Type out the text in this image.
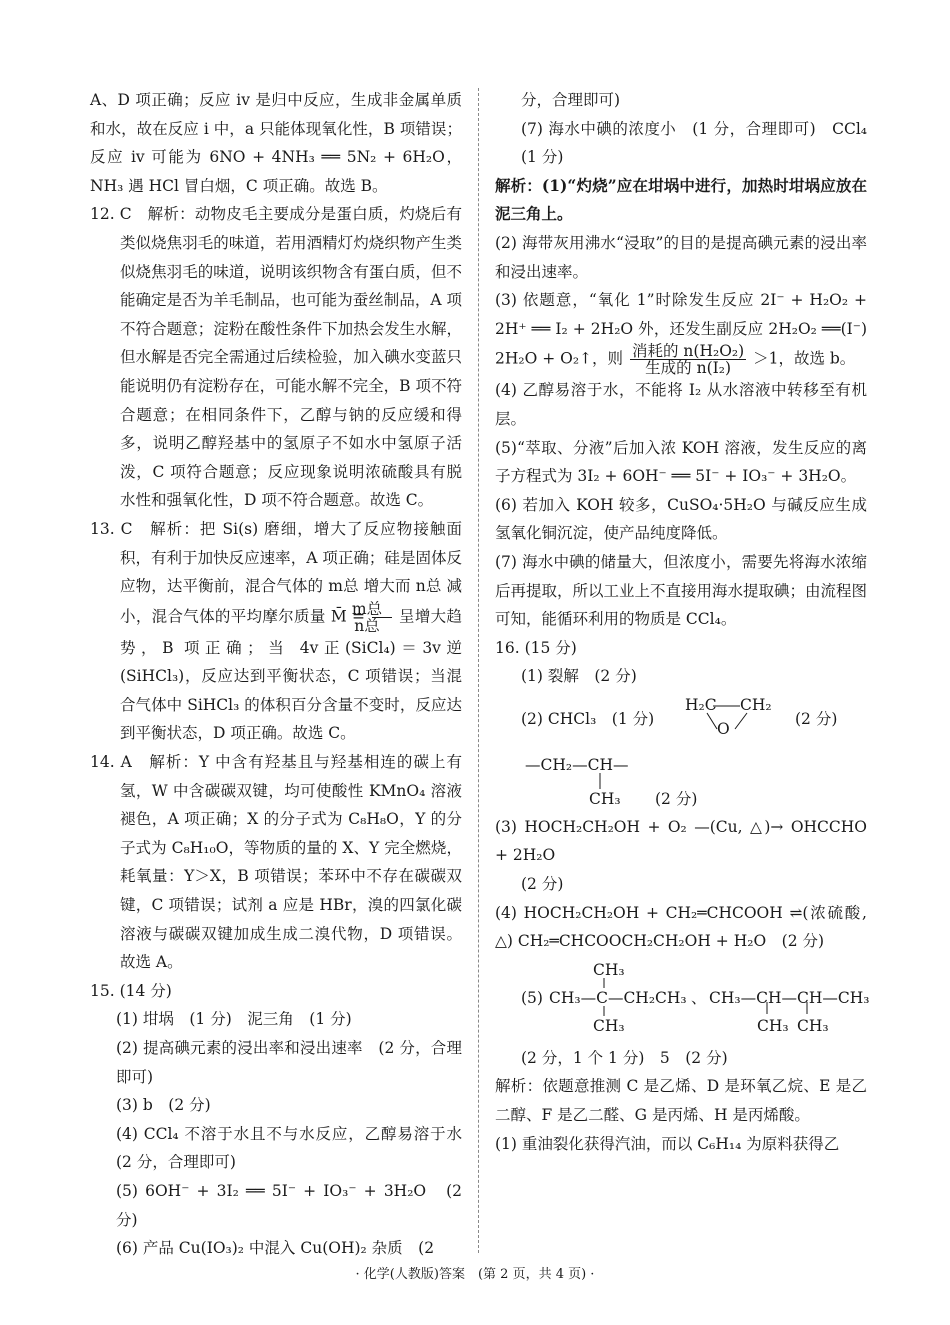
A、D 项正确；反应 iv 是归中反应，生成非金属单质和水，故在反应 i 中，a 只能体现氧化性，B 项错误；反应 iv 可能为 6NO + 4NH₃ ══ 5N₂ + 6H₂O，NH₃ 遇 HCl 冒白烟，C 项正确。故选 B。

12. C　解析：动物皮毛主要成分是蛋白质，灼烧后有类似烧焦羽毛的味道，若用酒精灯灼烧织物产生类似烧焦羽毛的味道，说明该织物含有蛋白质，但不能确定是否为羊毛制品，也可能为蚕丝制品，A 项不符合题意；淀粉在酸性条件下加热会发生水解，但水解是否完全需通过后续检验，加入碘水变蓝只能说明仍有淀粉存在，可能水解不完全，B 项不符合题意；在相同条件下，乙醇与钠的反应缓和得多，说明乙醇羟基中的氢原子不如水中氢原子活泼，C 项符合题意；反应现象说明浓硫酸具有脱水性和强氧化性，D 项不符合题意。故选 C。

13. C　解析：把 Si(s) 磨细，增大了反应物接触面积，有利于加快反应速率，A 项正确；硅是固体反应物，达平衡前，混合气体的 m总 增大而 n总 减小，混合气体的平均摩尔质量 M̄ = $\frac{\text{m总}}{\text{n总}}$ 呈增大趋势，B 项正确；当 4v正(SiCl₄)＝3v逆(SiHCl₃)，反应达到平衡状态，C 项错误；当混合气体中 SiHCl₃ 的体积百分含量不变时，反应达到平衡状态，D 项正确。故选 C。

14. A　解析：Y 中含有羟基且与羟基相连的碳上有氢，W 中含碳碳双键，均可使酸性 KMnO₄ 溶液褪色，A 项正确；X 的分子式为 C₈H₈O，Y 的分子式为 C₈H₁₀O，等物质的量的 X、Y 完全燃烧，耗氧量：Y＞X，B 项错误；苯环中不存在碳碳双键，C 项错误；试剂 a 应是 HBr，溴的四氯化碳溶液与碳碳双键加成生成二溴代物，D 项错误。故选 A。

15. (14 分)

(1) 坩埚　(1 分)　泥三角　(1 分)

(2) 提高碘元素的浸出率和浸出速率　(2 分，合理即可)

(3) b　(2 分)

(4) CCl₄ 不溶于水且不与水反应，乙醇易溶于水　(2 分，合理即可)

(5) 6OH⁻ + 3I₂ ══ 5I⁻ + IO₃⁻ + 3H₂O　(2 分)

(6) 产品 Cu(IO₃)₂ 中混入 Cu(OH)₂ 杂质　(2

分，合理即可)

(7) 海水中碘的浓度小　(1 分，合理即可)　CCl₄　(1 分)

解析：(1)“灼烧”应在坩埚中进行，加热时坩埚应放在泥三角上。

(2) 海带灰用沸水“浸取”的目的是提高碘元素的浸出率和浸出速率。

(3) 依题意，“氧化 1”时除发生反应 2I⁻ + H₂O₂ + 2H⁺ ══ I₂ + 2H₂O 外，还发生副反应 2H₂O₂ ══(I⁻) 2H₂O + O₂↑，则 $\frac{\text{消耗的 n(H₂O₂)}}{\text{生成的 n(I₂)}} >1$，故选 b。

(4) 乙醇易溶于水，不能将 I₂ 从水溶液中转移至有机层。

(5)“萃取、分液”后加入浓 KOH 溶液，发生反应的离子方程式为 3I₂ + 6OH⁻ ══ 5I⁻ + IO₃⁻ + 3H₂O。

(6) 若加入 KOH 较多，CuSO₄·5H₂O 与碱反应生成氢氧化铜沉淀，使产品纯度降低。

(7) 海水中碘的储量大，但浓度小，需要先将海水浓缩后再提取，所以工业上不直接用海水提取碘；由流程图可知，能循环利用的物质是 CCl₄。

16. (15 分)

(1) 裂解　(2 分)

(2) CHCl₃　(1 分)
H₂C CH₂
O
(2 分)
—CH₂—CH—
CH₃ (2 分)

(3) HOCH₂CH₂OH + O₂ —(Cu, △)→ OHCCHO + 2H₂O

(2 分)

(4) HOCH₂CH₂OH + CH₂═CHCOOH ⇌(浓硫酸, △) CH₂═CHCOOCH₂CH₂OH + H₂O　(2 分)

(5)
CH₃
CH₃—C—CH₂CH₃
CH₃
、 CH₃—CH—CH—CH₃
CH₃ CH₃

(2 分，1 个 1 分)　5　(2 分)

解析：依题意推测 C 是乙烯、D 是环氧乙烷、E 是乙二醇、F 是乙二醛、G 是丙烯、H 是丙烯酸。

(1) 重油裂化获得汽油，而以 C₆H₁₄ 为原料获得乙

· 化学(人教版)答案　(第 2 页，共 4 页) ·
